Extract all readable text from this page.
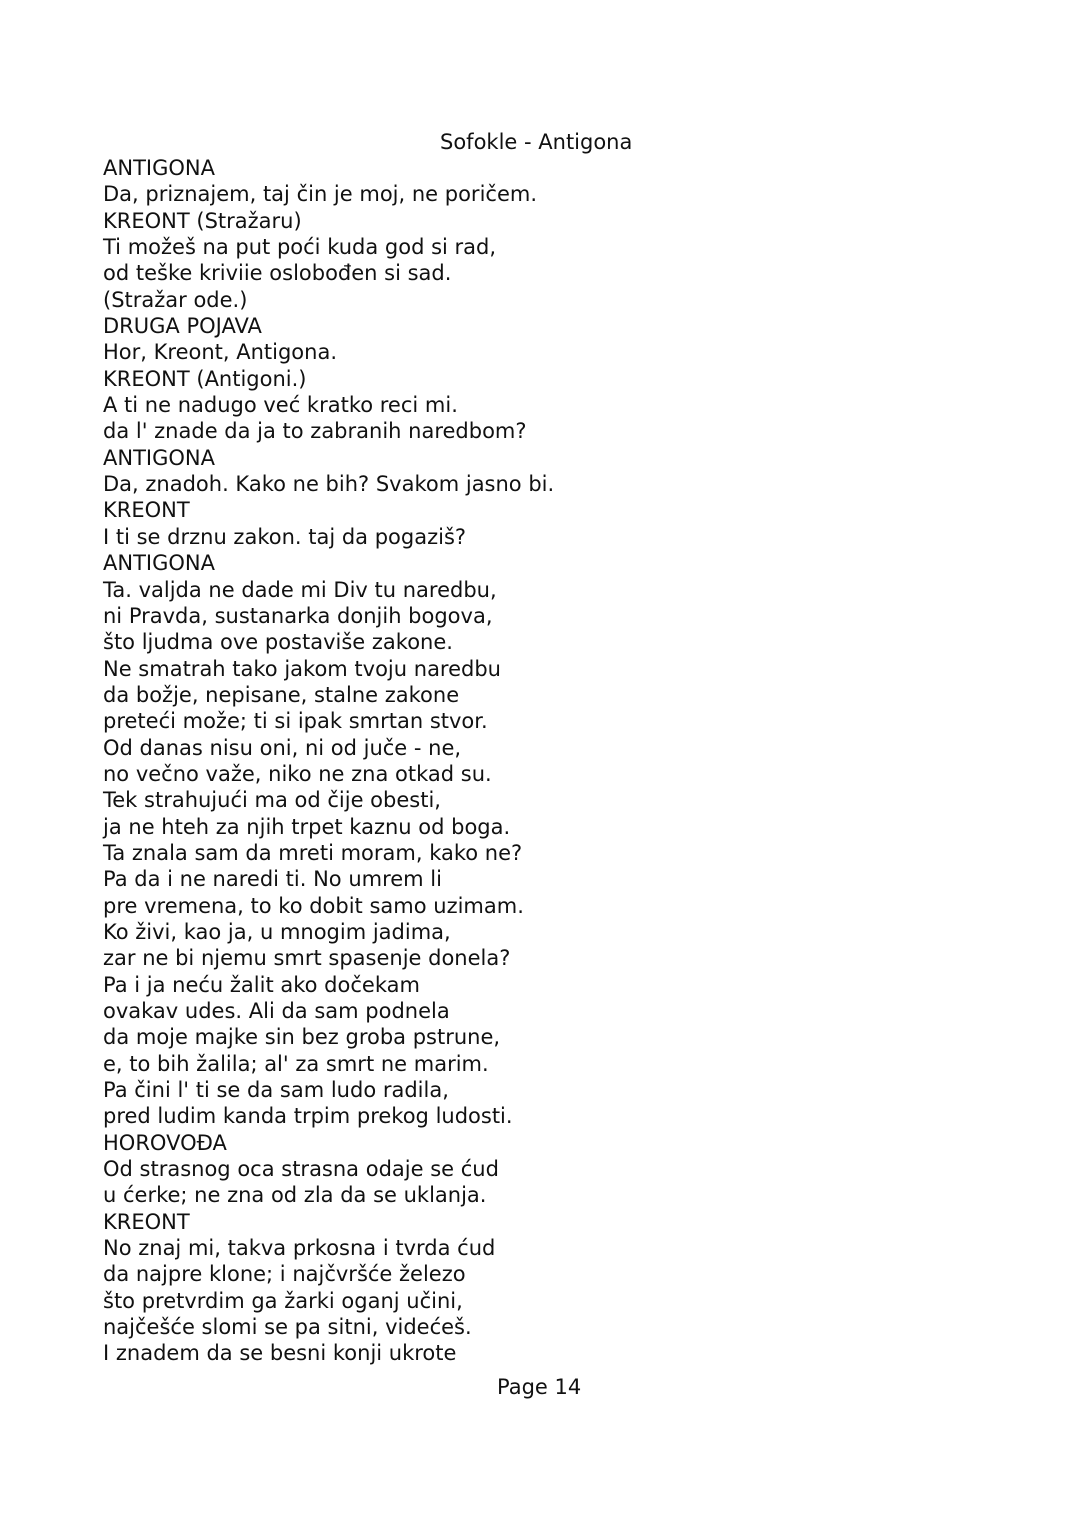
Sofokle - Antigona
ANTIGONA
Da, priznajem, taj čin je moj, ne poričem.
KREONT (Stražaru)
Ti možeš na put poći kuda god si rad,
od teške kriviie oslobođen si sad.
(Stražar ode.)
DRUGA POJAVA
Hor, Kreont, Antigona.
KREONT (Antigoni.)
A ti ne nadugo već kratko reci mi.
da l' znade da ja to zabranih naredbom?
ANTIGONA
Da, znadoh. Kako ne bih? Svakom jasno bi.
KREONT
I ti se drznu zakon. taj da pogaziš?
ANTIGONA
Ta. valjda ne dade mi Div tu naredbu,
ni Pravda, sustanarka donjih bogova,
što ljudma ove postaviše zakone.
Ne smatrah tako jakom tvoju naredbu
da božje, nepisane, stalne zakone
preteći može; ti si ipak smrtan stvor.
Od danas nisu oni, ni od juče - ne,
no večno važe, niko ne zna otkad su.
Tek strahujući ma od čije obesti,
ja ne hteh za njih trpet kaznu od boga.
Ta znala sam da mreti moram, kako ne?
Pa da i ne naredi ti. No umrem li
pre vremena, to ko dobit samo uzimam.
Ko živi, kao ja, u mnogim jadima,
zar ne bi njemu smrt spasenje donela?
Pa i ja neću žalit ako dočekam
ovakav udes. Ali da sam podnela
da moje majke sin bez groba pstrune,
e, to bih žalila; al' za smrt ne marim.
Pa čini l' ti se da sam ludo radila,
pred ludim kanda trpim prekog ludosti.
HOROVOĐA
Od strasnog oca strasna odaje se ćud
u ćerke; ne zna od zla da se uklanja.
KREONT
No znaj mi, takva prkosna i tvrda ćud
da najpre klone; i najčvršće železo
što pretvrdim ga žarki oganj učini,
najčešće slomi se pa sitni, videćeš.
I znadem da se besni konji ukrote
Page 14
